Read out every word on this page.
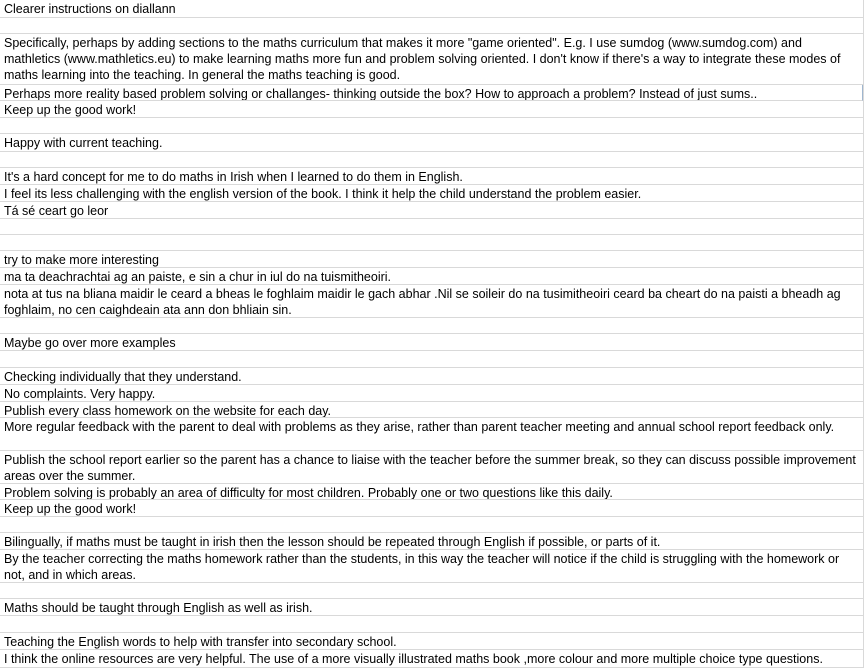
Clearer instructions on diallann
Specifically, perhaps by adding sections to the maths curriculum that makes it more "game oriented". E.g. I use sumdog (www.sumdog.com) and mathletics (www.mathletics.eu) to make learning maths more fun and problem solving oriented. I don't know if there's a way to integrate these modes of maths learning into the teaching. In general the maths teaching is good.
Perhaps more reality based problem solving or challanges- thinking outside the box? How to approach a problem? Instead of just sums..
Keep up the good work!
Happy with current teaching.
It's a hard concept for me to do maths in Irish when I learned to do them in English.
I feel its less challenging with the english version of the book. I think it help the child understand the problem easier.
Tá sé ceart go leor
try to make more interesting
ma ta deachrachtai ag an paiste, e sin a chur in iul do na tuismitheoiri.
nota at tus na bliana maidir le ceard a bheas le foghlaim maidir le gach abhar .Nil se soileir do na tusimitheoiri ceard ba cheart do na paisti a bheadh ag foghlaim, no cen caighdeain ata ann don bhliain sin.
Maybe go over more examples
Checking individually that they understand.
No complaints. Very happy.
Publish every class homework on the website for each day.
More regular feedback with the parent to deal with problems as they arise, rather than parent teacher meeting and annual school report feedback only.
Publish the school report earlier so the parent has a chance to liaise with the teacher before the summer break, so they can discuss possible improvement areas over the summer.
Problem solving is probably an area of difficulty for most children. Probably one or two questions like this daily.
Keep up the good work!
Bilingually, if maths must be taught in irish then the lesson should be repeated through English if possible, or parts of it.
By the teacher correcting the maths homework rather than the students, in this way the teacher will notice if the child is struggling with the homework or not, and in which areas.
Maths should be taught through English as well as irish.
Teaching the English words to help with transfer into secondary school.
I think the online resources are very helpful. The use of a more visually illustrated maths book ,more colour and more multiple choice type questions.
